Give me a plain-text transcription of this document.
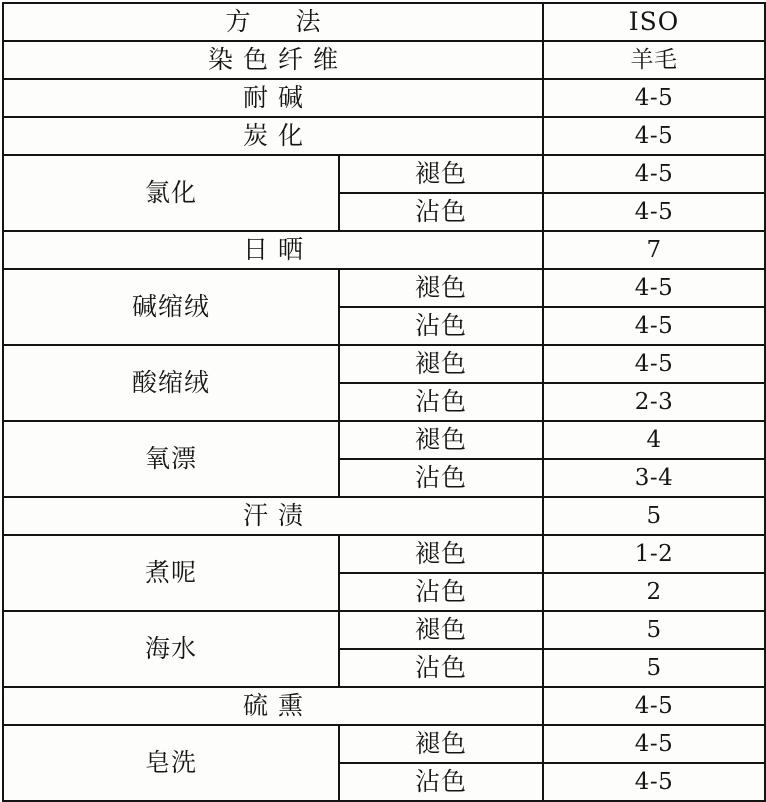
方　法		ISO

染色纤维		羊毛

耐碱		4-5

炭化		4-5

氯化	褪色	4-5

	沾色	4-5

日晒		7

碱缩绒	褪色	4-5

	沾色	4-5

酸缩绒	褪色	4-5

	沾色	2-3

氧漂	褪色	4

	沾色	3-4

汗渍		5

煮呢	褪色	1-2

	沾色	2

海水	褪色	5

	沾色	5

硫熏		4-5

皂洗	褪色	4-5

	沾色	4-5
